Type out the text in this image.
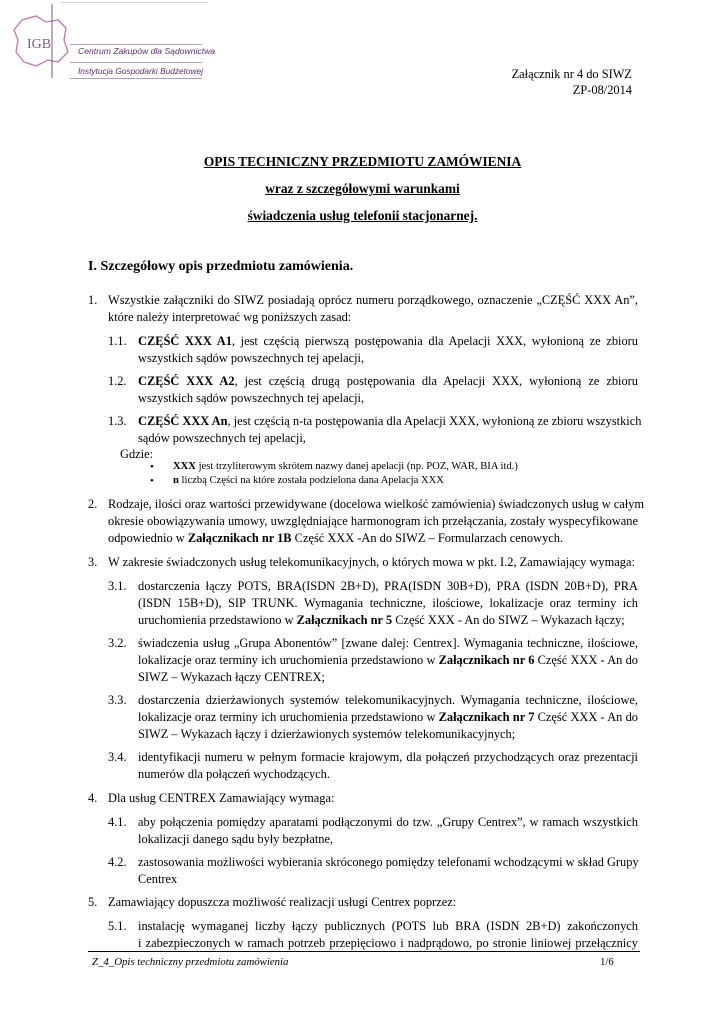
IGB	Centrum Zakupów dla Sądownictwa
Instytucja Gospodarki Budżetowej	Załącznik nr 4 do SIWZ
ZP-08/2014
OPIS TECHNICZNY PRZEDMIOTU ZAMÓWIENIA
wraz z szczegółowymi warunkami
świadczenia usług telefonii stacjonarnej.
I. Szczegółowy opis przedmiotu zamówienia.
1. Wszystkie załączniki do SIWZ posiadają oprócz numeru porządkowego, oznaczenie „CZĘŚĆ XXX An”,
które należy interpretować wg poniższych zasad:
1.1. CZĘŚĆ XXX A1, jest częścią pierwszą postępowania dla Apelacji XXX, wyłonioną ze zbioru
wszystkich sądów powszechnych tej apelacji,
1.2. CZĘŚĆ XXX A2, jest częścią drugą postępowania dla Apelacji XXX, wyłonioną ze zbioru
wszystkich sądów powszechnych tej apelacji,
1.3. CZĘŚĆ XXX An, jest częścią n-ta postępowania dla Apelacji XXX, wyłonioną ze zbioru wszystkich
sądów powszechnych tej apelacji,
Gdzie:
• XXX jest trzyliterowym skrótem nazwy danej apelacji (np. POZ, WAR, BIA itd.)
• n liczbą Części na które została podzielona dana Apelacja XXX
2. Rodzaje, ilości oraz wartości przewidywane (docelowa wielkość zamówienia) świadczonych usług w całym
okresie obowiązywania umowy, uwzględniające harmonogram ich przełączania, zostały wyspecyfikowane
odpowiednio w Załącznikach nr 1B Część XXX -An do SIWZ – Formularzach cenowych.
3. W zakresie świadczonych usług telekomunikacyjnych, o których mowa w pkt. I.2, Zamawiający wymaga:
3.1. dostarczenia łączy POTS, BRA(ISDN 2B+D), PRA(ISDN 30B+D), PRA (ISDN 20B+D), PRA
(ISDN 15B+D), SIP TRUNK. Wymagania techniczne, ilościowe, lokalizacje oraz terminy ich
uruchomienia przedstawiono w Załącznikach nr 5 Część XXX - An do SIWZ – Wykazach łączy;
3.2. świadczenia usług „Grupa Abonentów” [zwane dalej: Centrex]. Wymagania techniczne, ilościowe,
lokalizacje oraz terminy ich uruchomienia przedstawiono w Załącznikach nr 6 Część XXX - An do
SIWZ – Wykazach łączy CENTREX;
3.3. dostarczenia dzierżawionych systemów telekomunikacyjnych. Wymagania techniczne, ilościowe,
lokalizacje oraz terminy ich uruchomienia przedstawiono w Załącznikach nr 7 Część XXX - An do
SIWZ – Wykazach łączy i dzierżawionych systemów telekomunikacyjnych;
3.4. identyfikacji numeru w pełnym formacie krajowym, dla połączeń przychodzących oraz prezentacji
numerów dla połączeń wychodzących.
4. Dla usług CENTREX Zamawiający wymaga:
4.1. aby połączenia pomiędzy aparatami podłączonymi do tzw. „Grupy Centrex”, w ramach wszystkich
lokalizacji danego sądu były bezpłatne,
4.2. zastosowania możliwości wybierania skróconego pomiędzy telefonami wchodzącymi w skład Grupy
Centrex
5. Zamawiający dopuszcza możliwość realizacji usługi Centrex poprzez:
5.1. instalację wymaganej liczby łączy publicznych (POTS lub BRA (ISDN 2B+D) zakończonych
i zabezpieczonych w ramach potrzeb przepięciowo i nadprądowo, po stronie liniowej przełącznicy
Z_4_Opis techniczny przedmiotu zamówienia	1/6
